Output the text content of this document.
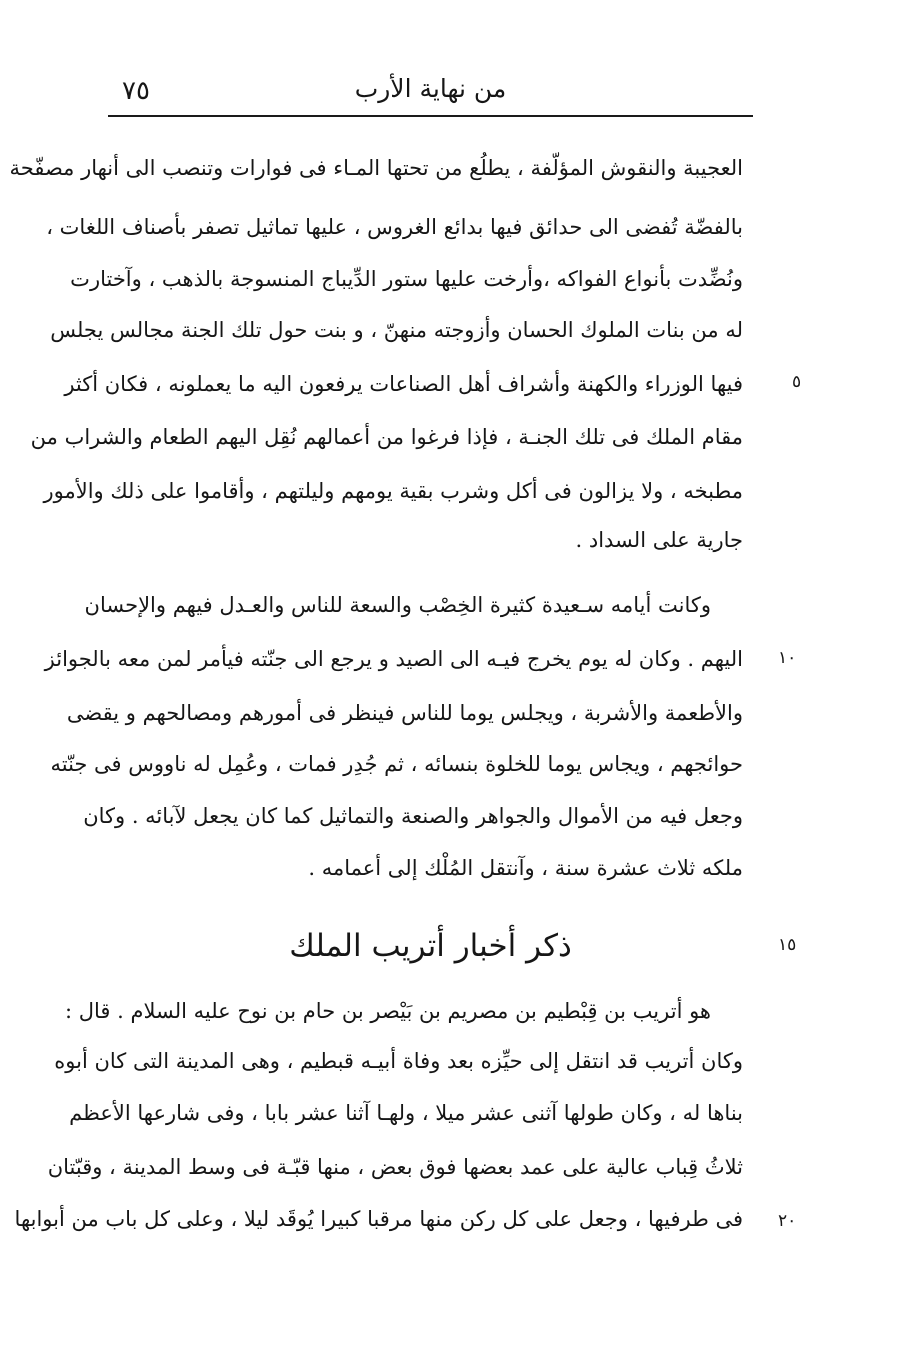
٧٥	من نهاية الأرب
العجيبة والنقوش المؤلّفة ، يطلُع من تحتها المـاء فى فوارات وتنصب الى أنهار مصفّحة
بالفضّة تُفضى الى حدائق فيها بدائع الغروس ، عليها تماثيل تصفر بأصناف اللغات ،
ونُضِّدت بأنواع الفواكه ،وأرخت عليها ستور الدِّيباج المنسوجة بالذهب ، وآختارت
له من بنات الملوك الحسان وأزوجته منهنّ ، و بنت حول تلك الجنة مجالس يجلس
فيها الوزراء والكهنة وأشراف أهل الصناعات يرفعون اليه ما يعملونه ، فكان أكثر
مقام الملك فى تلك الجنـة ، فإذا فرغوا من أعمالهم نُقِل اليهم الطعام والشراب من
مطبخه ، ولا يزالون فى أكل وشرب بقية يومهم وليلتهم ، وأقاموا على ذلك والأمور
جارية على السداد .
وكانت أيامه سـعيدة كثيرة الخِصْب والسعة للناس والعـدل فيهم والإحسان
اليهم . وكان له يوم يخرج فيـه الى الصيد و يرجع الى جنّته فيأمر لمن معه بالجوائز
والأطعمة والأشربة ، ويجلس يوما للناس فينظر فى أمورهم ومصالحهم و يقضى
حوائجهم ، ويجاس يوما للخلوة بنسائه ، ثم جُدِر فمات ، وعُمِل له ناووس فى جنّته
وجعل فيه من الأموال والجواهر والصنعة والتماثيل كما كان يجعل لآبائه . وكان
ملكه ثلاث عشرة سنة ، وآنتقل المُلْك إلى أعمامه .
ذكر أخبار أتريب الملك
هو أتريب بن قِبْطيم بن مصريم بن بَيْصر بن حام بن نوح عليه السلام . قال :
وكان أتريب قد انتقل إلى حيِّزه بعد وفاة أبيـه قبطيم ، وهى المدينة التى كان أبوه
بناها له ، وكان طولها آثنى عشر ميلا ، ولهـا آثنا عشر بابا ، وفى شارعها الأعظم
ثلاثُ قِباب عالية على عمد بعضها فوق بعض ، منها قبّـة فى وسط المدينة ، وقبّتان
فى طرفيها ، وجعل على كل ركن منها مرقبا كبيرا يُوقَد ليلا ، وعلى كل باب من أبوابها
٥
١٠
١٥
٢٠
